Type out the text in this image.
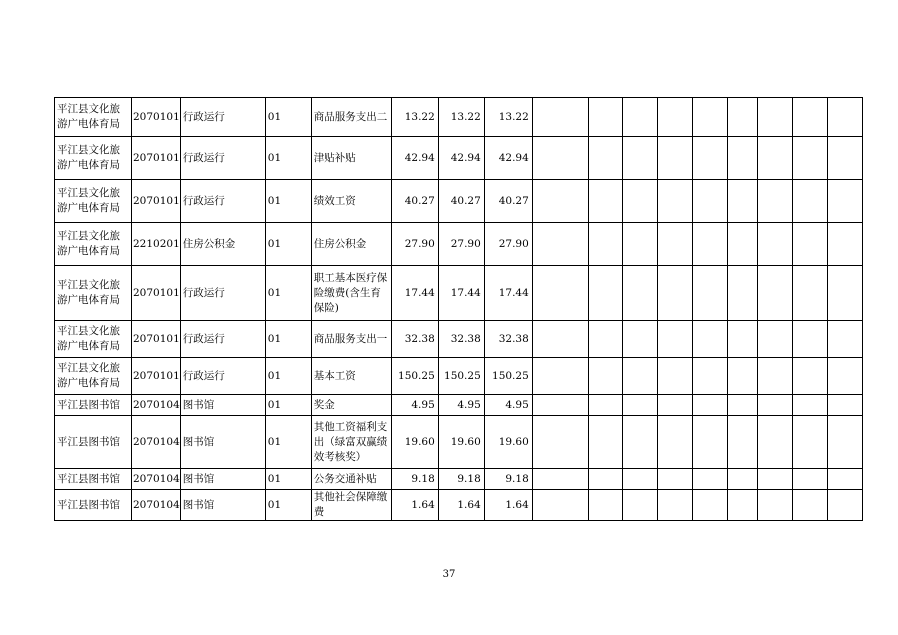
平江县文化旅游广电体育局	2070101	行政运行	01	商品服务支出二	13.22	13.22	13.22									
平江县文化旅游广电体育局	2070101	行政运行	01	津贴补贴	42.94	42.94	42.94									
平江县文化旅游广电体育局	2070101	行政运行	01	绩效工资	40.27	40.27	40.27									
平江县文化旅游广电体育局	2210201	住房公积金	01	住房公积金	27.90	27.90	27.90									
平江县文化旅游广电体育局	2070101	行政运行	01	职工基本医疗保险缴费(含生育保险)	17.44	17.44	17.44									
平江县文化旅游广电体育局	2070101	行政运行	01	商品服务支出一	32.38	32.38	32.38									
平江县文化旅游广电体育局	2070101	行政运行	01	基本工资	150.25	150.25	150.25									
平江县图书馆	2070104	图书馆	01	奖金	4.95	4.95	4.95									
平江县图书馆	2070104	图书馆	01	其他工资福利支出（绿富双赢绩效考核奖）	19.60	19.60	19.60									
平江县图书馆	2070104	图书馆	01	公务交通补贴	9.18	9.18	9.18									
平江县图书馆	2070104	图书馆	01	其他社会保障缴费	1.64	1.64	1.64									
37
